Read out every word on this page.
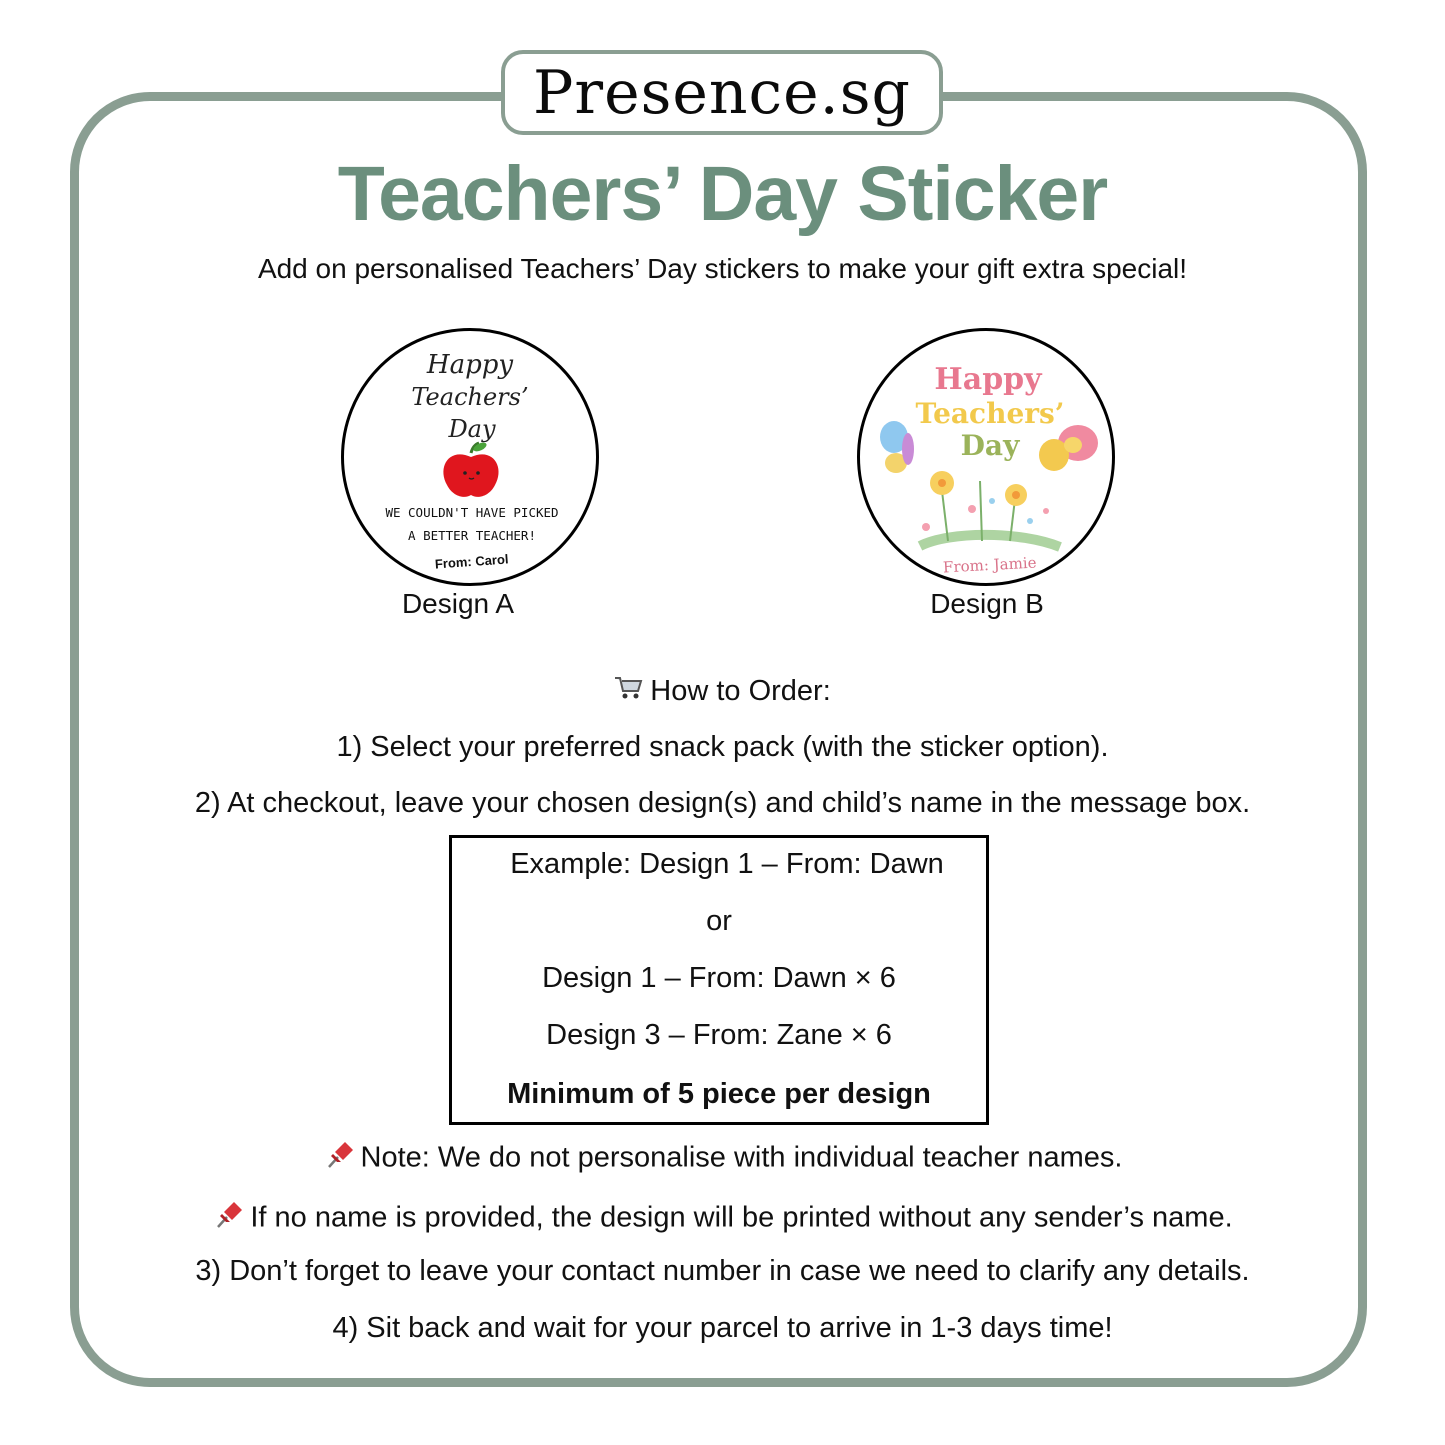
Presence.sg
Teachers’ Day Sticker
Add on personalised Teachers’ Day stickers to make your gift extra special!
Happy
Teachers’
Day
WE COULDN'T HAVE PICKED
A BETTER TEACHER!
From: Carol
Design A
Happy
Teachers’
Day
From: Jamie
Design B
How to Order:
1) Select your preferred snack pack (with the sticker option).
2) At checkout, leave your chosen design(s) and child’s name in the message box.
Example: Design 1 – From: Dawn
or
Design 1 – From: Dawn × 6
Design 3 – From: Zane × 6
Minimum of 5 piece per design
Note: We do not personalise with individual teacher names.
If no name is provided, the design will be printed without any sender’s name.
3) Don’t forget to leave your contact number in case we need to clarify any details.
4) Sit back and wait for your parcel to arrive in 1-3 days time!
